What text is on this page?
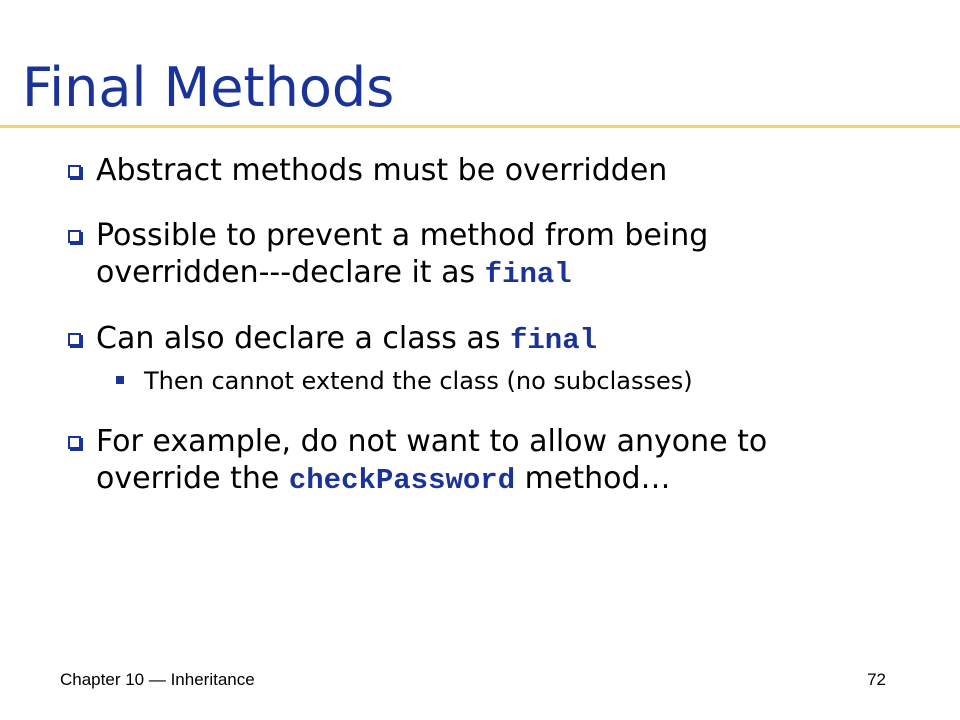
Final Methods
Abstract methods must be overridden
Possible to prevent a method from being
overridden---declare it as final
Can also declare a class as final
Then cannot extend the class (no subclasses)
For example, do not want to allow anyone to
override the checkPassword method…
Chapter 10 — Inheritance	72
